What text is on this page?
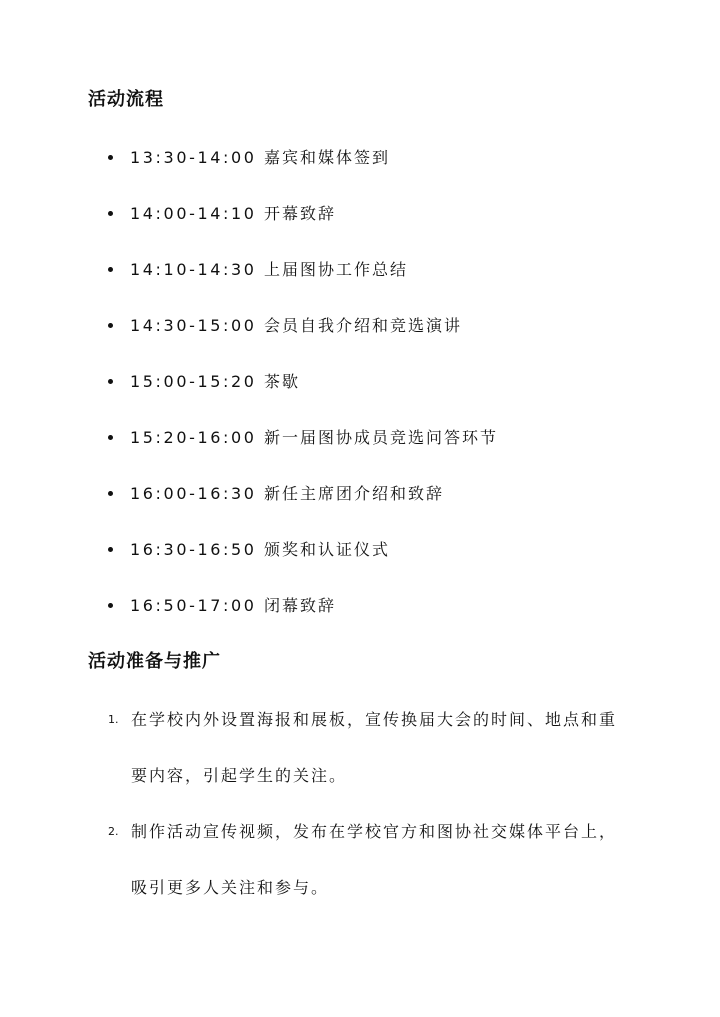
活动流程
13:30-14:00 嘉宾和媒体签到
14:00-14:10 开幕致辞
14:10-14:30 上届图协工作总结
14:30-15:00 会员自我介绍和竞选演讲
15:00-15:20 茶歇
15:20-16:00 新一届图协成员竞选问答环节
16:00-16:30 新任主席团介绍和致辞
16:30-16:50 颁奖和认证仪式
16:50-17:00 闭幕致辞
活动准备与推广
1. 在学校内外设置海报和展板，宣传换届大会的时间、地点和重要内容，引起学生的关注。
2. 制作活动宣传视频，发布在学校官方和图协社交媒体平台上，吸引更多人关注和参与。
